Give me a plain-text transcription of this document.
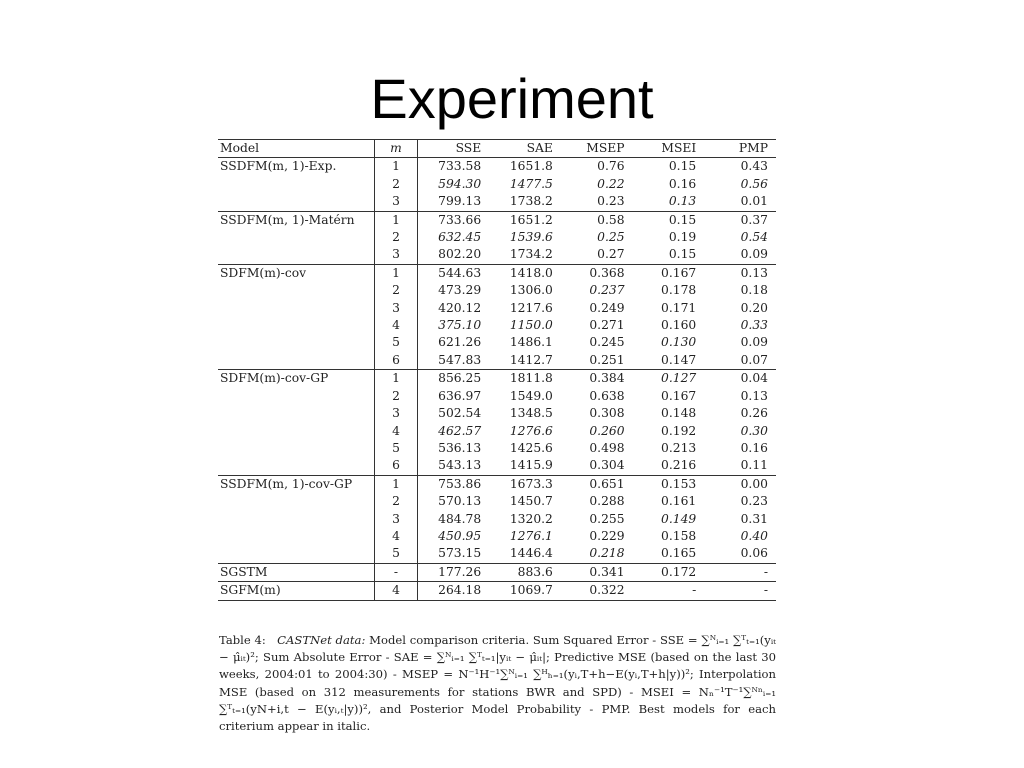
Experiment
Model	m	SSE	SAE	MSEP	MSEI	PMP
SSDFM(m, 1)-Exp.	1	733.58	1651.8	0.76	0.15	0.43
	2	594.30	1477.5	0.22	0.16	0.56
	3	799.13	1738.2	0.23	0.13	0.01
SSDFM(m, 1)-Matérn	1	733.66	1651.2	0.58	0.15	0.37
	2	632.45	1539.6	0.25	0.19	0.54
	3	802.20	1734.2	0.27	0.15	0.09
SDFM(m)-cov	1	544.63	1418.0	0.368	0.167	0.13
	2	473.29	1306.0	0.237	0.178	0.18
	3	420.12	1217.6	0.249	0.171	0.20
	4	375.10	1150.0	0.271	0.160	0.33
	5	621.26	1486.1	0.245	0.130	0.09
	6	547.83	1412.7	0.251	0.147	0.07
SDFM(m)-cov-GP	1	856.25	1811.8	0.384	0.127	0.04
	2	636.97	1549.0	0.638	0.167	0.13
	3	502.54	1348.5	0.308	0.148	0.26
	4	462.57	1276.6	0.260	0.192	0.30
	5	536.13	1425.6	0.498	0.213	0.16
	6	543.13	1415.9	0.304	0.216	0.11
SSDFM(m, 1)-cov-GP	1	753.86	1673.3	0.651	0.153	0.00
	2	570.13	1450.7	0.288	0.161	0.23
	3	484.78	1320.2	0.255	0.149	0.31
	4	450.95	1276.1	0.229	0.158	0.40
	5	573.15	1446.4	0.218	0.165	0.06
SGSTM	-	177.26	883.6	0.341	0.172	-
SGFM(m)	4	264.18	1069.7	0.322	-	-

Table 4: CASTNet data: Model comparison criteria. Sum Squared Error - SSE = ∑ᴺᵢ₌₁ ∑ᵀₜ₌₁(yᵢₜ − μ̂ᵢₜ)²; Sum Absolute Error - SAE = ∑ᴺᵢ₌₁ ∑ᵀₜ₌₁|yᵢₜ − μ̂ᵢₜ|; Predictive MSE (based on the last 30 weeks, 2004:01 to 2004:30) - MSEP = N⁻¹H⁻¹∑ᴺᵢ₌₁ ∑ᴴₕ₌₁(yᵢ,T+h−E(yᵢ,T+h|y))²; Interpolation MSE (based on 312 measurements for stations BWR and SPD) - MSEI = Nₙ⁻¹T⁻¹∑ᴺⁿᵢ₌₁ ∑ᵀₜ₌₁(yN+i,t − E(yᵢ,ₜ|y))², and Posterior Model Probability - PMP. Best models for each criterium appear in italic.
